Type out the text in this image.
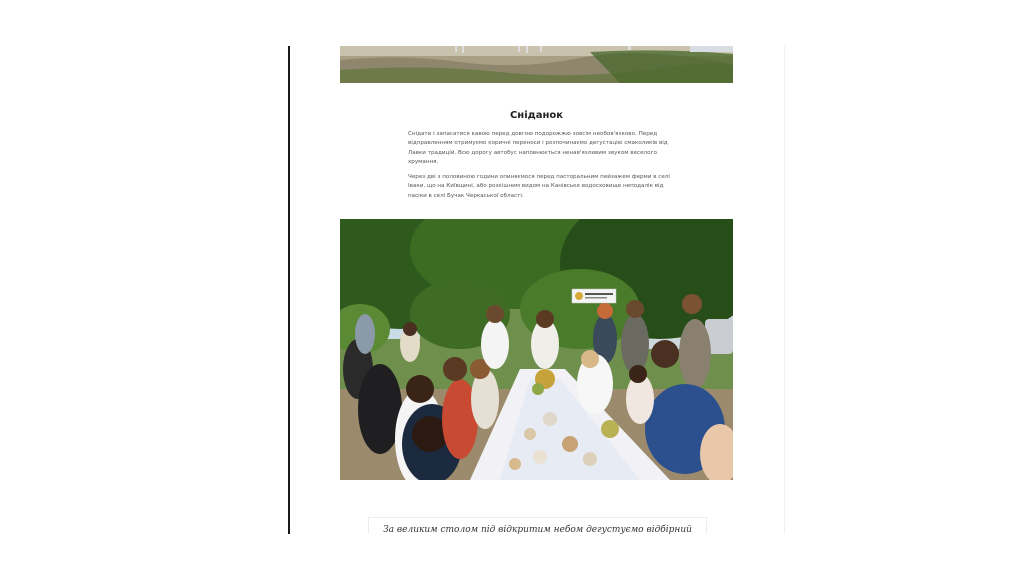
Сніданок
Снідати і запасатися кавою перед довгою подорожжю зовсім необов'язково. Перед відправленням отримуємо коричні переноси і розпочинаємо дегустацію смаколиків від Лавки традицій. Всю дорогу автобус наповнюється ненав'язливим звуком веселого хрумання.
Через дві з половиною години опиняємося перед пасторальним пейзажем ферми в селі Іваки, що на Київщині, або розкішним видом на Канівське водосховище неподалік від пасіки в селі Бучак Черкаської області.
За великим столом під відкритим небом дегустуємо відбірний
